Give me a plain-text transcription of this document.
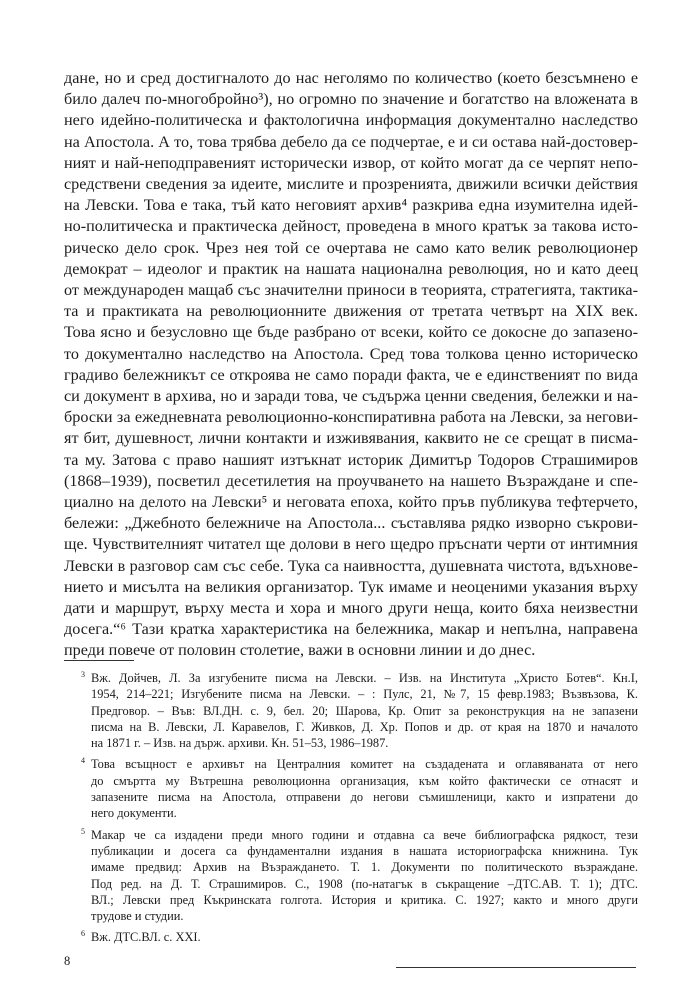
дане, но и сред достигналото до нас неголямо по количество (което безсъмнено е
било далеч по-многобройно³), но огромно по значение и богатство на вложената в
него идейно-политическа и фактологична информация документално наследство
на Апостола. А то, това трябва дебело да се подчертае, е и си остава най-достовер-
ният и най-неподправеният исторически извор, от който могат да се черпят непо-
средствени сведения за идеите, мислите и прозренията, движили всички действия
на Левски. Това е така, тъй като неговият архив⁴ разкрива една изумителна идей-
но-политическа и практическа дейност, проведена в много кратък за такова исто-
рическо дело срок. Чрез нея той се очертава не само като велик революционер
демократ – идеолог и практик на нашата национална революция, но и като деец
от международен мащаб със значителни приноси в теорията, стратегията, тактика-
та и практиката на революционните движения от третата четвърт на XIX век.
Това ясно и безусловно ще бъде разбрано от всеки, който се докосне до запазено-
то документално наследство на Апостола. Сред това толкова ценно историческо
градиво бележникът се откроява не само поради факта, че е единственият по вида
си документ в архива, но и заради това, че съдържа ценни сведения, бележки и на-
броски за ежедневната революционно-конспиративна работа на Левски, за негови-
ят бит, душевност, лични контакти и изживявания, каквито не се срещат в писма-
та му. Затова с право нашият изтъкнат историк Димитър Тодоров Страшимиров
(1868–1939), посветил десетилетия на проучването на нашето Възраждане и спе-
циално на делото на Левски⁵ и неговата епоха, който пръв публикува тефтерчето,
бележи: „Джебното бележниче на Апостола... съставлява рядко изворно съкрови-
ще. Чувствителният читател ще долови в него щедро пръснати черти от интимния
Левски в разговор сам със себе. Тука са наивността, душевната чистота, вдъхнове-
нието и мисълта на великия организатор. Тук имаме и неоценими указания върху
дати и маршрут, върху места и хора и много други неща, които бяха неизвестни
досега.“⁶ Тази кратка характеристика на бележника, макар и непълна, направена
преди повече от половин столетие, важи в основни линии и до днес.
3 Вж. Дойчев, Л. За изгубените писма на Левски. – Изв. на Института „Христо Ботев“. Кн.I,
1954, 214–221; Изгубените писма на Левски. – : Пулс, 21, №7, 15 февр.1983; Възвъзова, К.
Предговор. – Във: ВЛ.ДН. с. 9, бел. 20; Шарова, Кр. Опит за реконструкция на не запазени
писма на В. Левски, Л. Каравелов, Г. Живков, Д. Хр. Попов и др. от края на 1870 и началото
на 1871 г. – Изв. на държ. архиви. Кн. 51–53, 1986–1987.
4 Това всъщност е архивът на Централния комитет на създадената и оглавяваната от него
до смъртта му Вътрешна революционна организация, към който фактически се отнасят и
запазените писма на Апостола, отправени до негови съмишленици, както и изпратени до
него документи.
5 Макар че са издадени преди много години и отдавна са вече библиографска рядкост, тези
публикации и досега са фундаментални издания в нашата историографска книжнина. Тук
имаме предвид: Архив на Възраждането. Т. 1. Документи по политическото възраждане.
Под ред. на Д. Т. Страшимиров. С., 1908 (по-натагък в съкращение –ДТС.АВ. Т. 1); ДТС.
ВЛ.; Левски пред Къкринската голгота. История и критика. С. 1927; както и много други
трудове и студии.
6 Вж. ДТС.ВЛ. с. XXI.
8
